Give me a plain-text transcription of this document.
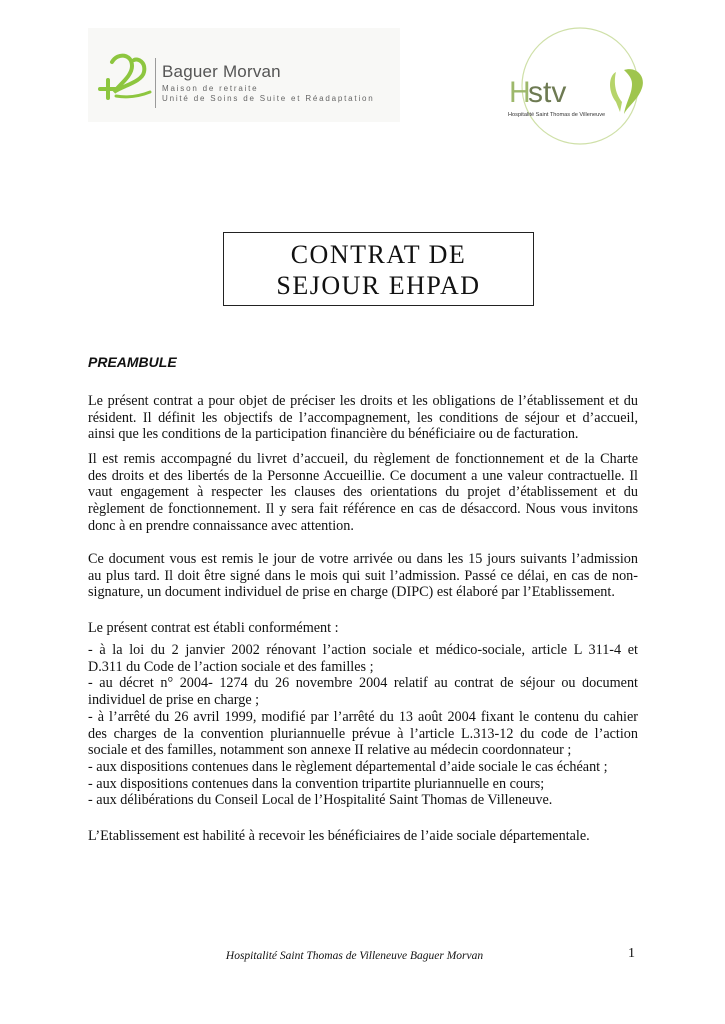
Baguer Morvan
Maison de retraite
Unité de Soins de Suite et Réadaptation	H
stv
Hospitalité Saint Thomas de Villeneuve
CONTRAT DE
SEJOUR EHPAD
PREAMBULE
Le présent contrat a pour objet de préciser les droits et les obligations de l’établissement et du
résident. Il définit les objectifs de l’accompagnement, les conditions de séjour et d’accueil,
ainsi que les conditions de la participation financière du bénéficiaire ou de facturation.
Il est remis accompagné du livret d’accueil, du règlement de fonctionnement et de la Charte
des droits et des libertés de la Personne Accueillie. Ce document a une valeur contractuelle. Il
vaut engagement à respecter les clauses des orientations du projet d’établissement et du
règlement de fonctionnement. Il y sera fait référence en cas de désaccord. Nous vous invitons
donc à en prendre connaissance avec attention.
Ce document vous est remis le jour de votre arrivée ou dans les 15 jours suivants l’admission
au plus tard. Il doit être signé dans le mois qui suit l’admission. Passé ce délai, en cas de non-
signature, un document individuel de prise en charge (DIPC) est élaboré par l’Etablissement.
Le présent contrat est établi conformément :
- à la loi du 2 janvier 2002 rénovant l’action sociale et médico-sociale, article L 311-4 et
D.311 du Code de l’action sociale et des familles ;
- au décret n° 2004- 1274 du 26 novembre 2004 relatif au contrat de séjour ou document
individuel de prise en charge ;
- à l’arrêté du 26 avril 1999, modifié par l’arrêté du 13 août 2004 fixant le contenu du cahier
des charges de la convention pluriannuelle prévue à l’article L.313-12 du code de l’action
sociale et des familles, notamment son annexe II relative au médecin coordonnateur ;
- aux dispositions contenues dans le règlement départemental d’aide sociale le cas échéant ;
- aux dispositions contenues dans la convention tripartite pluriannuelle en cours;
- aux délibérations du Conseil Local de l’Hospitalité Saint Thomas de Villeneuve.
L’Etablissement est habilité à recevoir les bénéficiaires de l’aide sociale départementale.
Hospitalité Saint Thomas de Villeneuve Baguer Morvan	1
